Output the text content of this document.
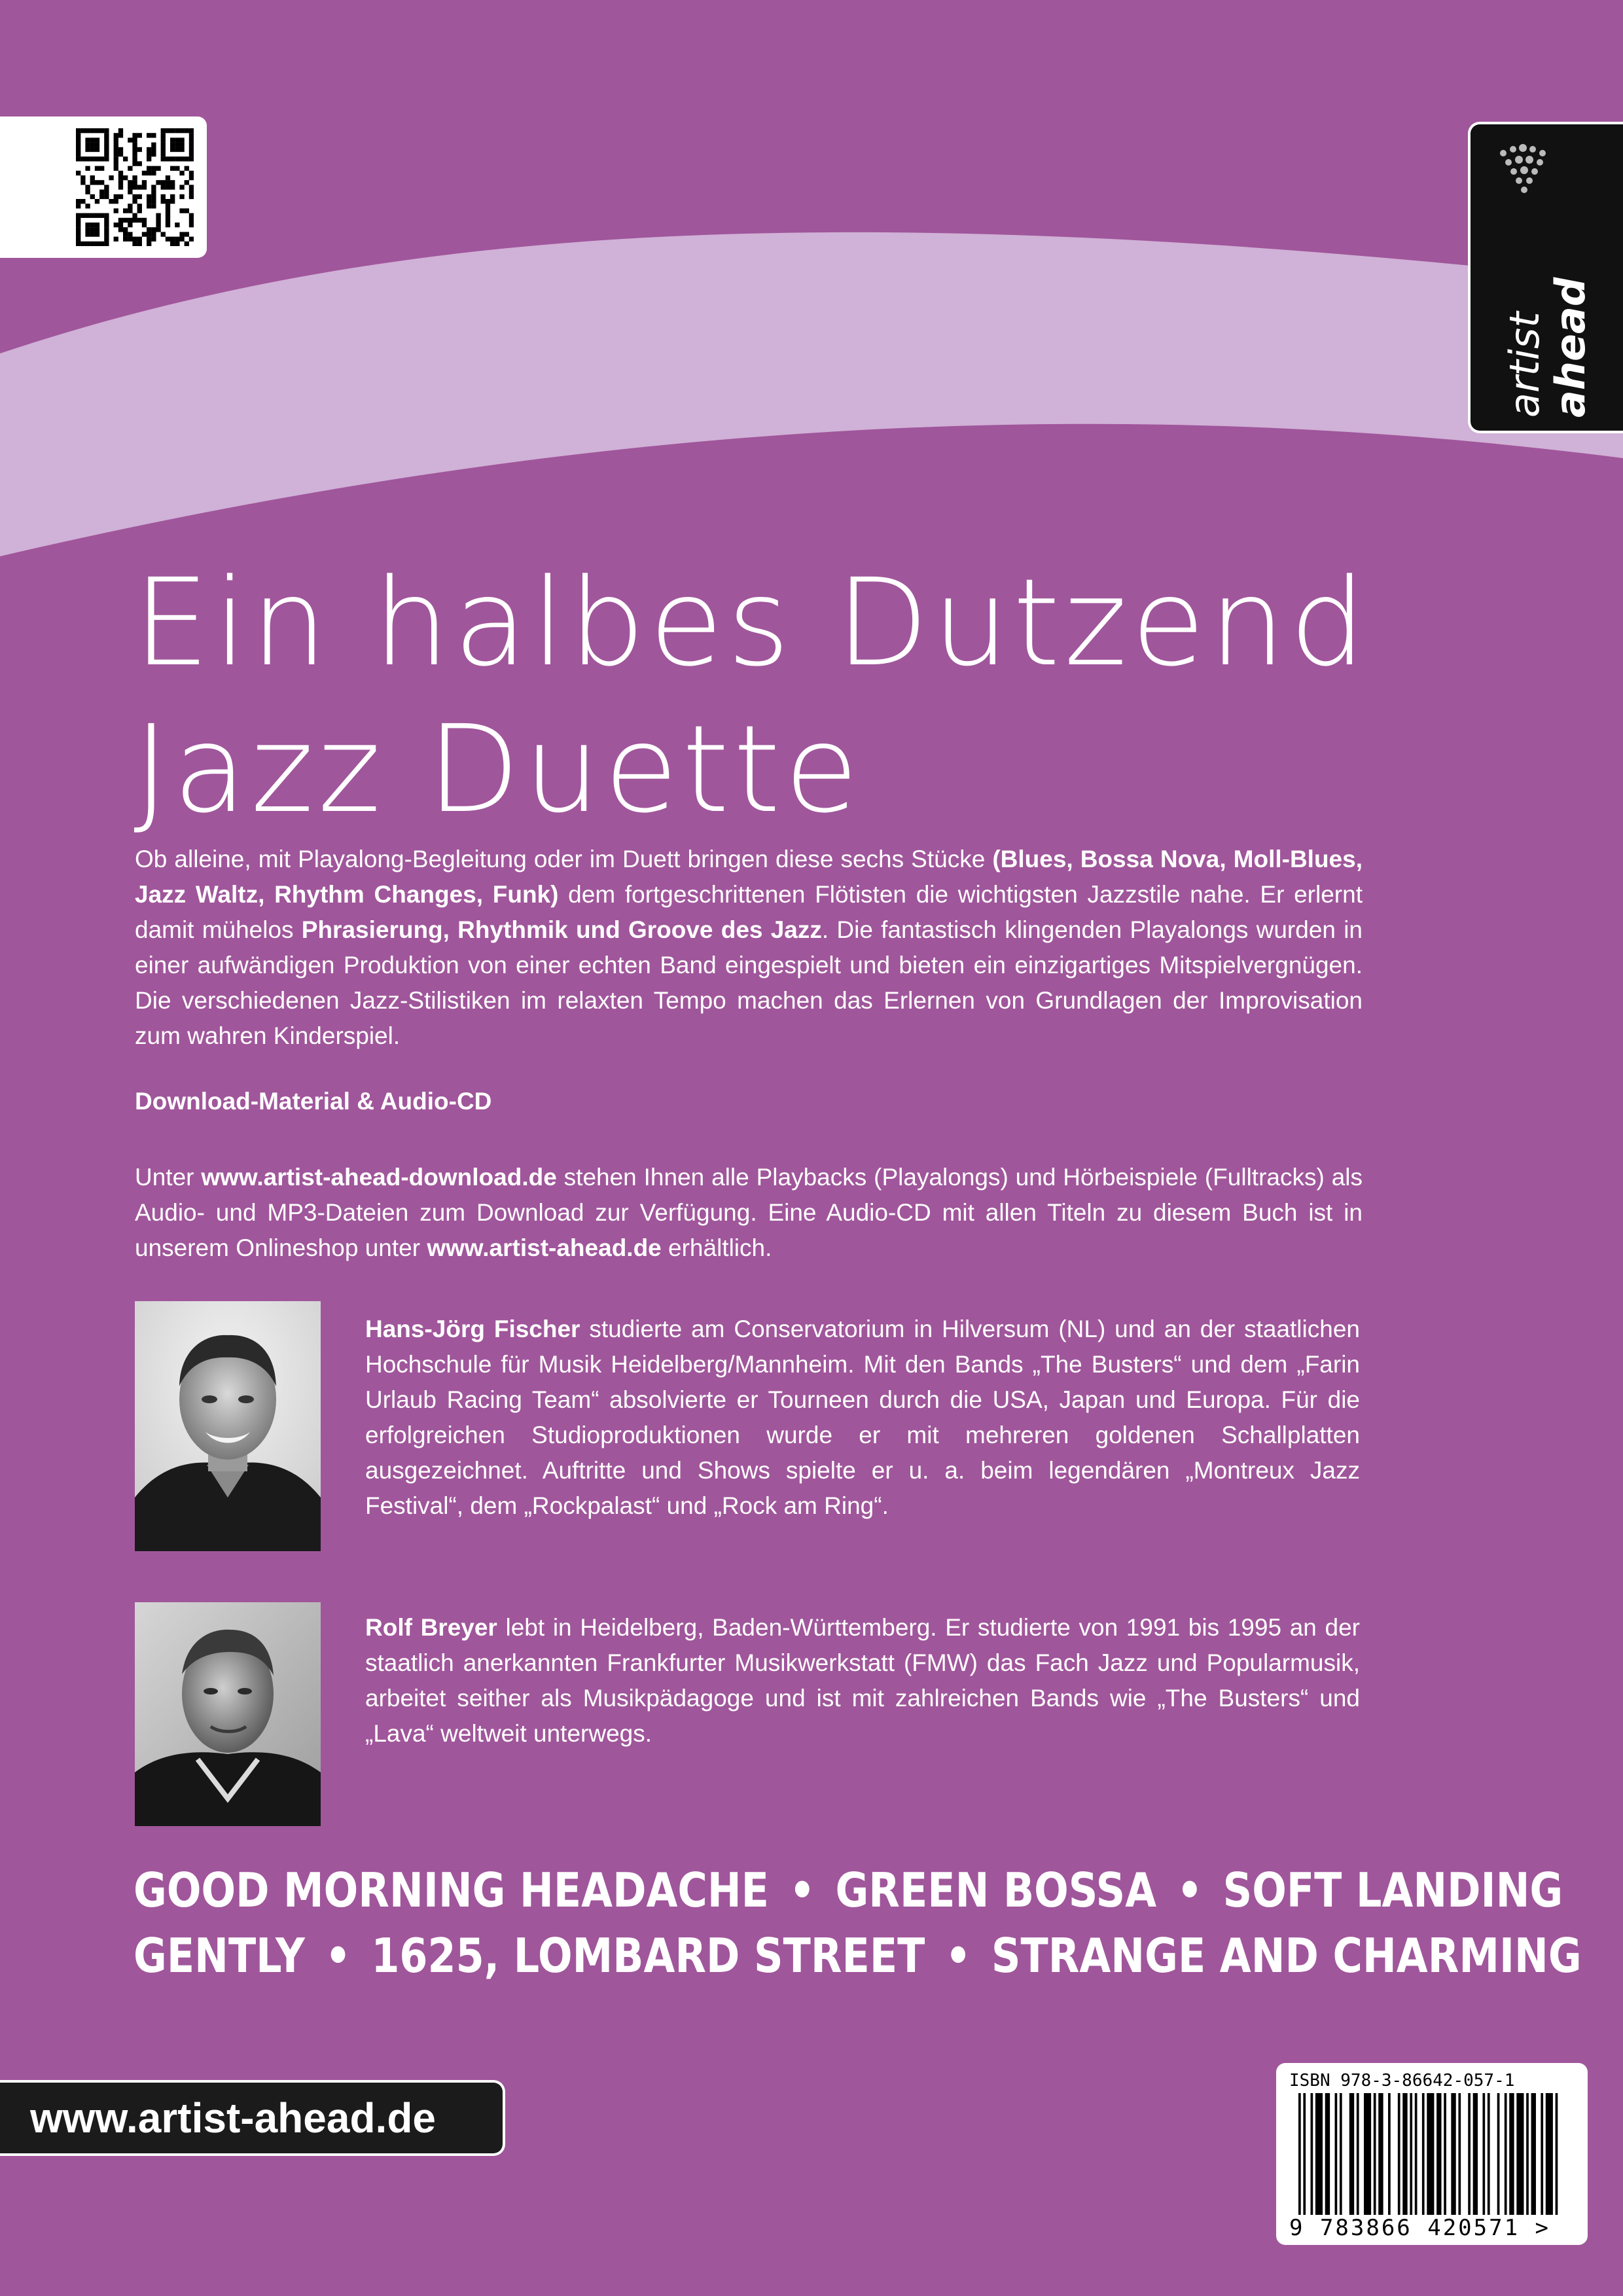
artist
ahead
Ein halbes Dutzend
Jazz Duette

Ob alleine, mit Playalong-Begleitung oder im Duett bringen diese sechs Stücke (Blues, Bossa Nova, Moll-Blues, Jazz Waltz, Rhythm Changes, Funk) dem fortgeschrittenen Flötisten die wichtigsten Jazzstile nahe. Er erlernt damit mühelos Phrasierung, Rhythmik und Groove des Jazz. Die fantastisch klingenden Playalongs wurden in einer aufwändigen Produktion von einer echten Band eingespielt und bieten ein einzigartiges Mitspielvergnügen. Die verschiedenen Jazz-Stilistiken im relaxten Tempo machen das Erlernen von Grundlagen der Improvisation zum wahren Kinderspiel.

Download-Material & Audio-CD

Unter www.artist-ahead-download.de stehen Ihnen alle Playbacks (Playalongs) und Hörbeispiele (Fulltracks) als Audio- und MP3-Dateien zum Download zur Verfügung. Eine Audio-CD mit allen Titeln zu diesem Buch ist in unserem Onlineshop unter www.artist-ahead.de erhältlich.

Hans-Jörg Fischer studierte am Conservatorium in Hilversum (NL) und an der staatlichen Hochschule für Musik Heidelberg/Mannheim. Mit den Bands „The Busters“ und dem „Farin Urlaub Racing Team“ absolvierte er Tourneen durch die USA, Japan und Europa. Für die erfolgreichen Studioproduktionen wurde er mit mehreren goldenen Schallplatten ausgezeichnet. Auftritte und Shows spielte er u. a. beim legendären „Montreux Jazz Festival“, dem „Rockpalast“ und „Rock am Ring“.

Rolf Breyer lebt in Heidelberg, Baden-Württemberg. Er studierte von 1991 bis 1995 an der staatlich anerkannten Frankfurter Musikwerkstatt (FMW) das Fach Jazz und Popularmusik, arbeitet seither als Musikpädagoge und ist mit zahlreichen Bands wie „The Busters“ und „Lava“ weltweit unterwegs.

GOOD MORNING HEADACHE • GREEN BOSSA • SOFT LANDING
GENTLY • 1625, LOMBARD STREET • STRANGE AND CHARMING
www.artist-ahead.de
ISBN 978-3-86642-057-1
9 783866 420571 >
